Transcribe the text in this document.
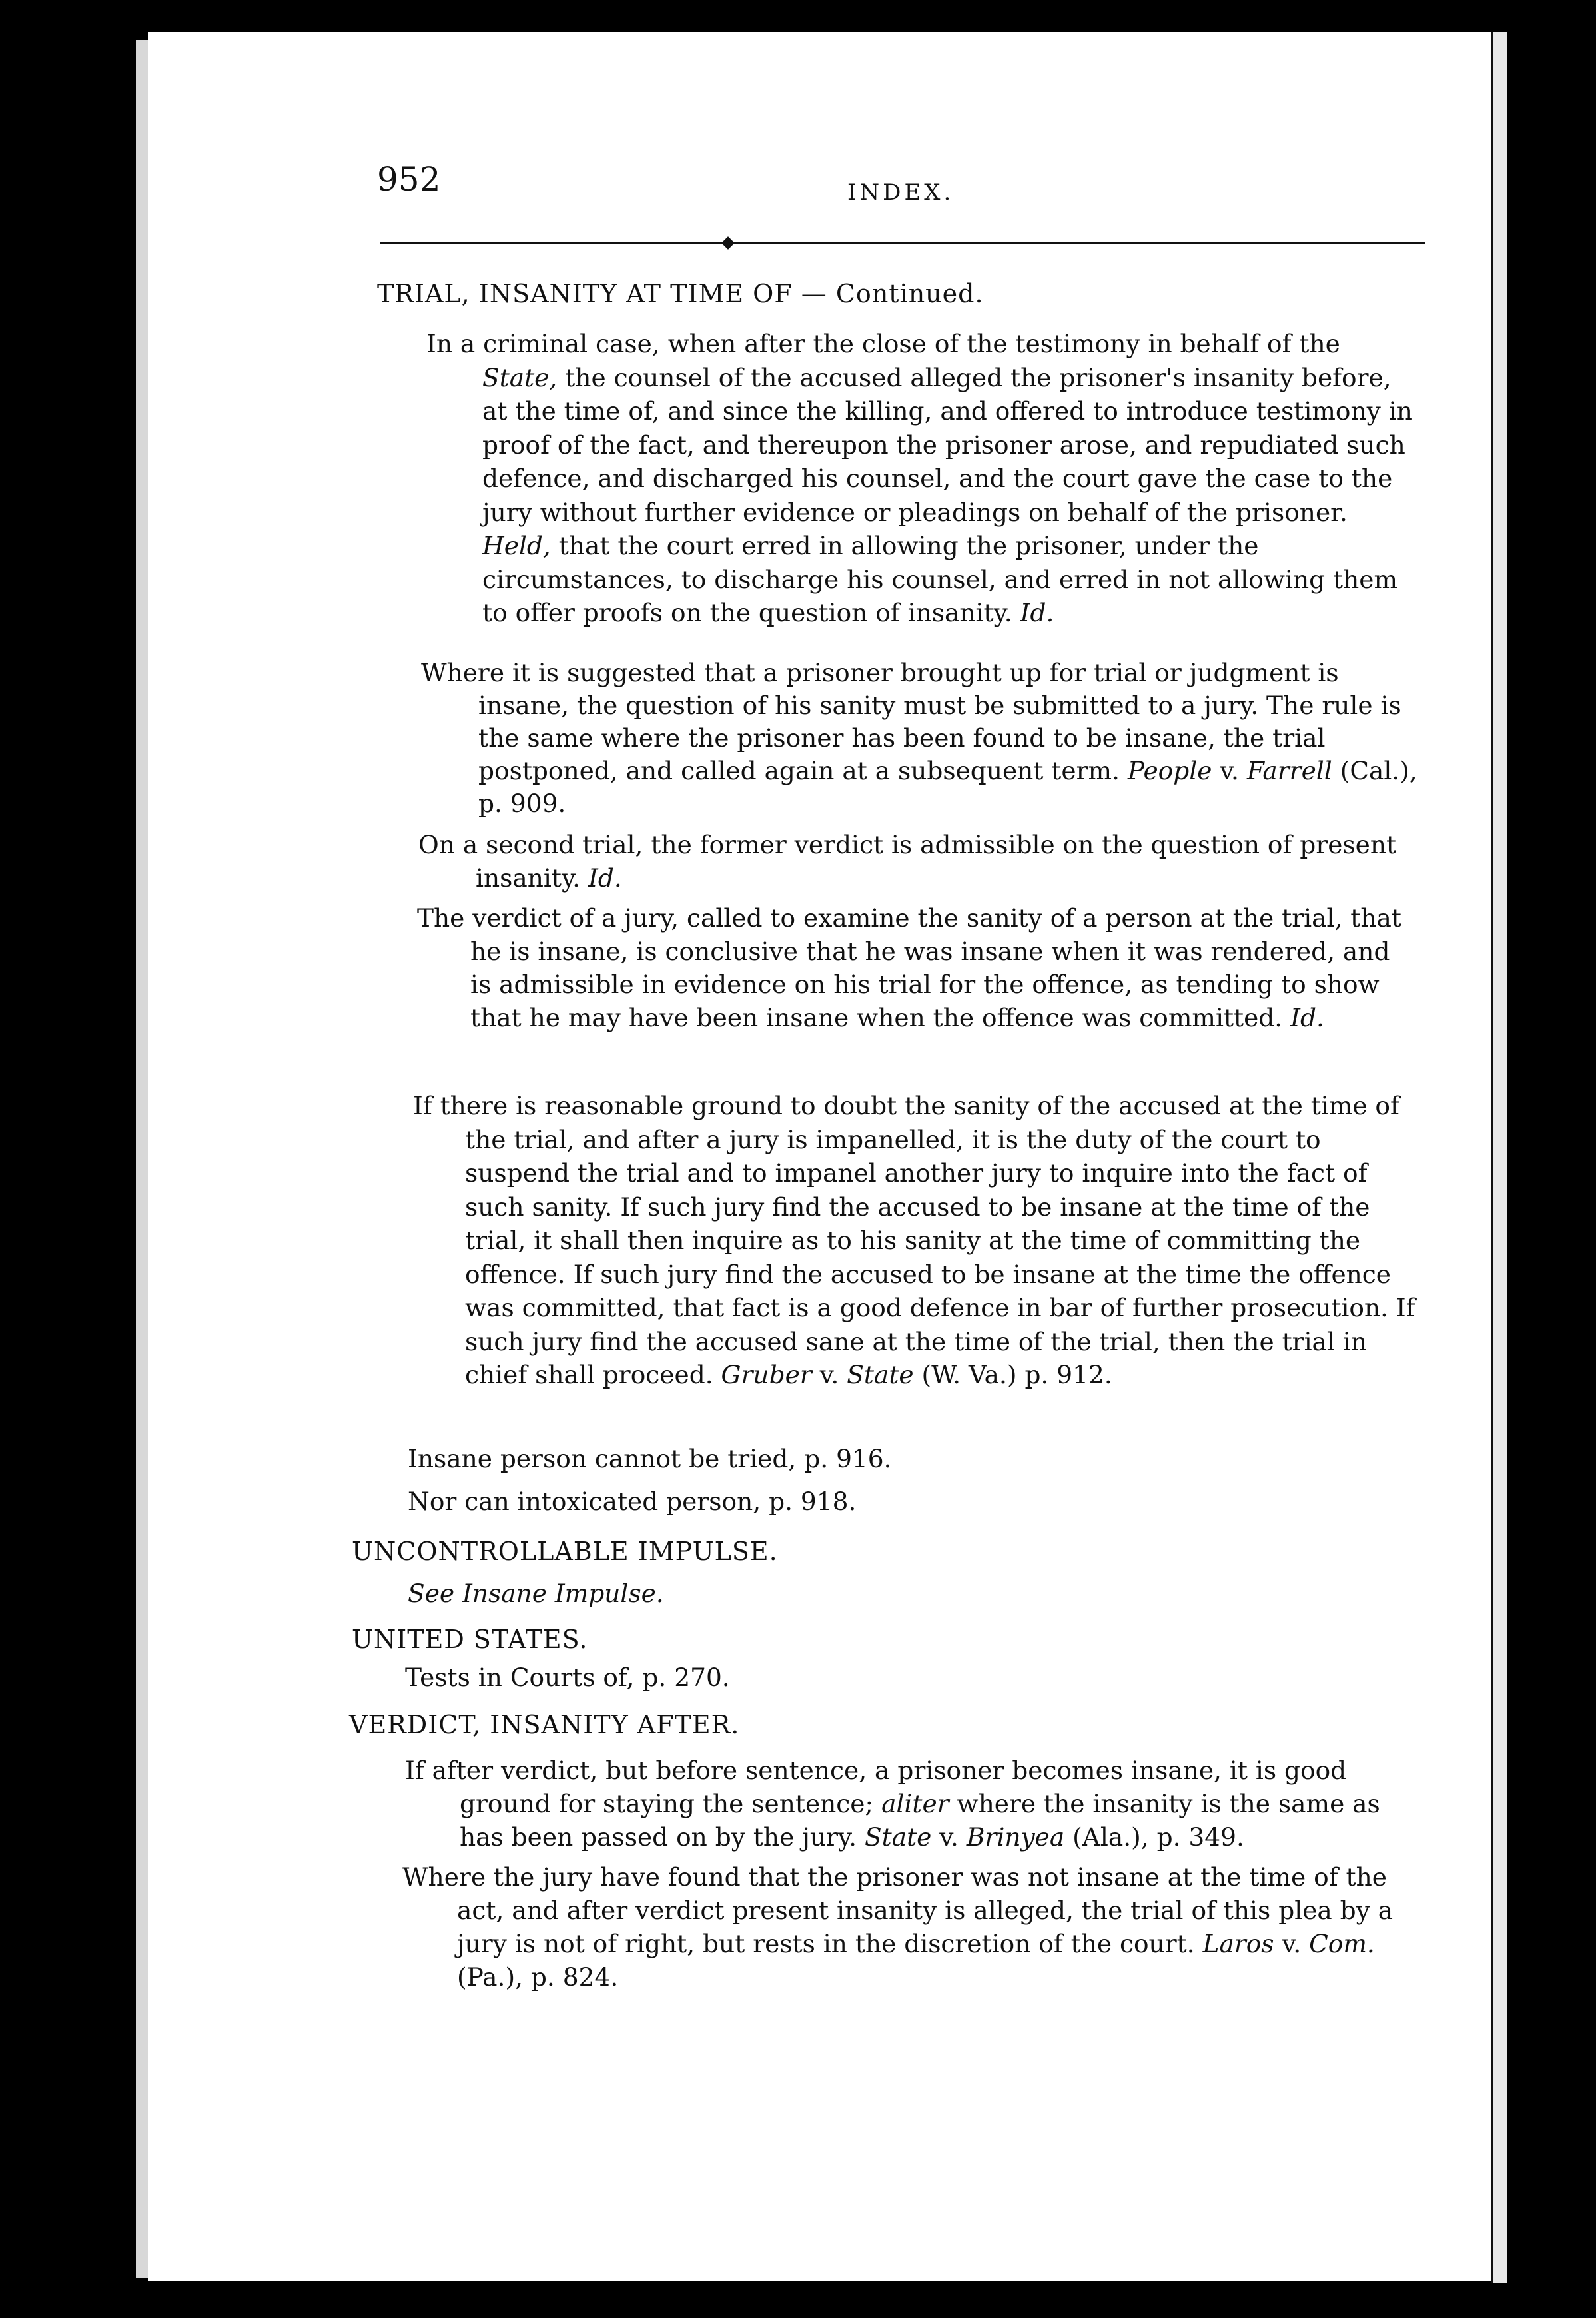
952	INDEX.
TRIAL, INSANITY AT TIME OF — Continued.
In a criminal case, when after the close of the testimony in behalf of the
State, the counsel of the accused alleged the prisoner's insanity before,
at the time of, and since the killing, and offered to introduce testimony in
proof of the fact, and thereupon the prisoner arose, and repudiated such
defence, and discharged his counsel, and the court gave the case to the
jury without further evidence or pleadings on behalf of the prisoner.
Held, that the court erred in allowing the prisoner, under the
circumstances, to discharge his counsel, and erred in not allowing them
to offer proofs on the question of insanity. Id.
Where it is suggested that a prisoner brought up for trial or judgment is
insane, the question of his sanity must be submitted to a jury. The rule is
the same where the prisoner has been found to be insane, the trial
postponed, and called again at a subsequent term. People v. Farrell (Cal.),
p. 909.
On a second trial, the former verdict is admissible on the question of present
insanity. Id.
The verdict of a jury, called to examine the sanity of a person at the trial, that
he is insane, is conclusive that he was insane when it was rendered, and
is admissible in evidence on his trial for the offence, as tending to show
that he may have been insane when the offence was committed. Id.
If there is reasonable ground to doubt the sanity of the accused at the time of
the trial, and after a jury is impanelled, it is the duty of the court to
suspend the trial and to impanel another jury to inquire into the fact of
such sanity. If such jury find the accused to be insane at the time of the
trial, it shall then inquire as to his sanity at the time of committing the
offence. If such jury find the accused to be insane at the time the offence
was committed, that fact is a good defence in bar of further prosecution. If
such jury find the accused sane at the time of the trial, then the trial in
chief shall proceed. Gruber v. State (W. Va.) p. 912.
Insane person cannot be tried, p. 916.
Nor can intoxicated person, p. 918.
UNCONTROLLABLE IMPULSE.
See Insane Impulse.
UNITED STATES.
Tests in Courts of, p. 270.
VERDICT, INSANITY AFTER.
If after verdict, but before sentence, a prisoner becomes insane, it is good
ground for staying the sentence; aliter where the insanity is the same as
has been passed on by the jury. State v. Brinyea (Ala.), p. 349.
Where the jury have found that the prisoner was not insane at the time of the
act, and after verdict present insanity is alleged, the trial of this plea by a
jury is not of right, but rests in the discretion of the court. Laros v. Com.
(Pa.), p. 824.
